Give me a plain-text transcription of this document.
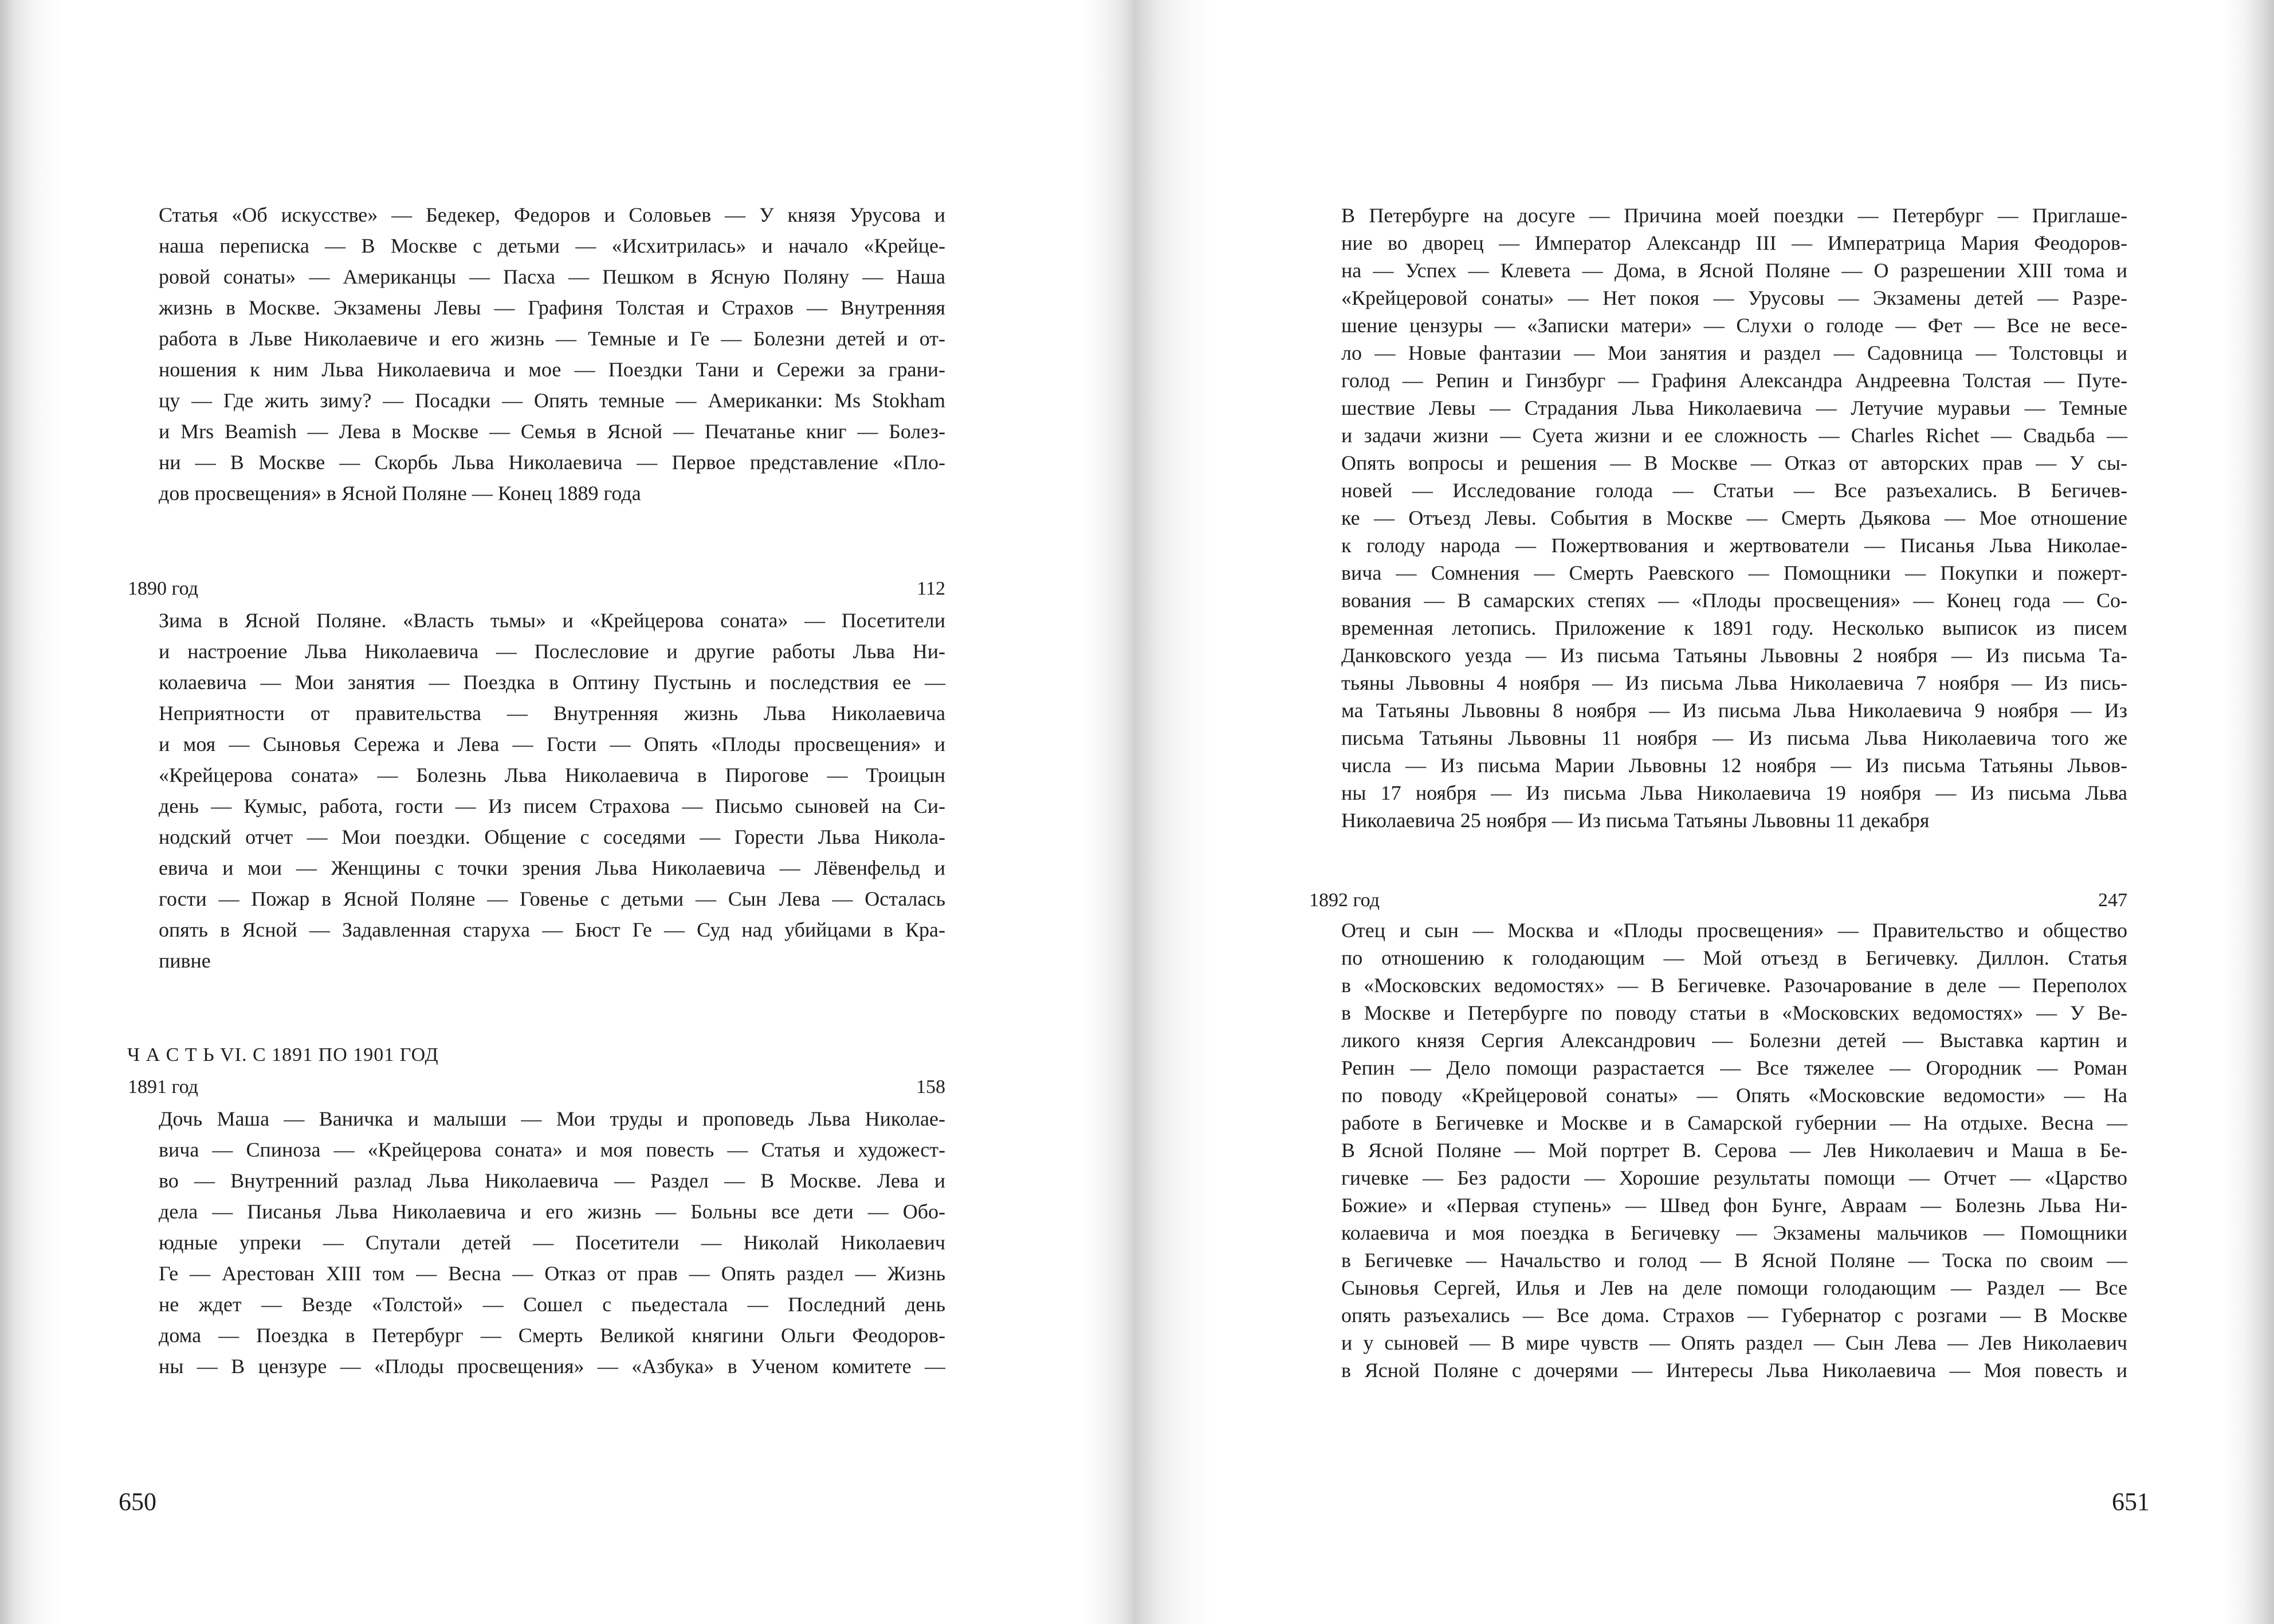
Ч А С Т Ь VI. С 1891 ПО 1901 ГОД
650
Статья «Об искусстве» — Бедекер, Федоров и Соловьев — У князя Урусова и
наша переписка — В Москве с детьми — «Исхитрилась» и начало «Крейце-
ровой сонаты» — Американцы — Пасха — Пешком в Ясную Поляну — Наша
жизнь в Москве. Экзамены Левы — Графиня Толстая и Страхов — Внутренняя
работа в Льве Николаевиче и его жизнь — Темные и Ге — Болезни детей и от-
ношения к ним Льва Николаевича и мое — Поездки Тани и Сережи за грани-
цу — Где жить зиму? — Посадки — Опять темные — Американки: Ms Stokham
и Mrs Beamish — Лева в Москве — Семья в Ясной — Печатанье книг — Болез-
ни — В Москве — Скорбь Льва Николаевича — Первое представление «Пло-
дов просвещения» в Ясной Поляне — Конец 1889 года
1890 год	112
Зима в Ясной Поляне. «Власть тьмы» и «Крейцерова соната» — Посетители
и настроение Льва Николаевича — Послесловие и другие работы Льва Ни-
колаевича — Мои занятия — Поездка в Оптину Пустынь и последствия ее —
Неприятности от правительства — Внутренняя жизнь Льва Николаевича
и моя — Сыновья Сережа и Лева — Гости — Опять «Плоды просвещения» и
«Крейцерова соната» — Болезнь Льва Николаевича в Пирогове — Троицын
день — Кумыс, работа, гости — Из писем Страхова — Письмо сыновей на Си-
нодский отчет — Мои поездки. Общение с соседями — Горести Льва Никола-
евича и мои — Женщины с точки зрения Льва Николаевича — Лёвенфельд и
гости — Пожар в Ясной Поляне — Говенье с детьми — Сын Лева — Осталась
опять в Ясной — Задавленная старуха — Бюст Ге — Суд над убийцами в Кра-
пивне
1891 год	158
Дочь Маша — Ваничка и малыши — Мои труды и проповедь Льва Николае-
вича — Спиноза — «Крейцерова соната» и моя повесть — Статья и художест-
во — Внутренний разлад Льва Николаевича — Раздел — В Москве. Лева и
дела — Писанья Льва Николаевича и его жизнь — Больны все дети — Обо-
юдные упреки — Спутали детей — Посетители — Николай Николаевич
Ге — Арестован XIII том — Весна — Отказ от прав — Опять раздел — Жизнь
не ждет — Везде «Толстой» — Сошел с пьедестала — Последний день
дома — Поездка в Петербург — Смерть Великой княгини Ольги Феодоров-
ны — В цензуре — «Плоды просвещения» — «Азбука» в Ученом комитете —
651
В Петербурге на досуге — Причина моей поездки — Петербург — Приглаше-
ние во дворец — Император Александр III — Императрица Мария Феодоров-
на — Успех — Клевета — Дома, в Ясной Поляне — О разрешении XIII тома и
«Крейцеровой сонаты» — Нет покоя — Урусовы — Экзамены детей — Разре-
шение цензуры — «Записки матери» — Слухи о голоде — Фет — Все не весе-
ло — Новые фантазии — Мои занятия и раздел — Садовница — Толстовцы и
голод — Репин и Гинзбург — Графиня Александра Андреевна Толстая — Путе-
шествие Левы — Страдания Льва Николаевича — Летучие муравьи — Темные
и задачи жизни — Суета жизни и ее сложность — Charles Richet — Свадьба —
Опять вопросы и решения — В Москве — Отказ от авторских прав — У сы-
новей — Исследование голода — Статьи — Все разъехались. В Бегичев-
ке — Отъезд Левы. События в Москве — Смерть Дьякова — Мое отношение
к голоду народа — Пожертвования и жертвователи — Писанья Льва Николае-
вича — Сомнения — Смерть Раевского — Помощники — Покупки и пожерт-
вования — В самарских степях — «Плоды просвещения» — Конец года — Со-
временная летопись. Приложение к 1891 году. Несколько выписок из писем
Данковского уезда — Из письма Татьяны Львовны 2 ноября — Из письма Та-
тьяны Львовны 4 ноября — Из письма Льва Николаевича 7 ноября — Из пись-
ма Татьяны Львовны 8 ноября — Из письма Льва Николаевича 9 ноября — Из
письма Татьяны Львовны 11 ноября — Из письма Льва Николаевича того же
числа — Из письма Марии Львовны 12 ноября — Из письма Татьяны Львов-
ны 17 ноября — Из письма Льва Николаевича 19 ноября — Из письма Льва
Николаевича 25 ноября — Из письма Татьяны Львовны 11 декабря
1892 год	247
Отец и сын — Москва и «Плоды просвещения» — Правительство и общество
по отношению к голодающим — Мой отъезд в Бегичевку. Диллон. Статья
в «Московских ведомостях» — В Бегичевке. Разочарование в деле — Переполох
в Москве и Петербурге по поводу статьи в «Московских ведомостях» — У Ве-
ликого князя Сергия Александрович — Болезни детей — Выставка картин и
Репин — Дело помощи разрастается — Все тяжелее — Огородник — Роман
по поводу «Крейцеровой сонаты» — Опять «Московские ведомости» — На
работе в Бегичевке и Москве и в Самарской губернии — На отдыхе. Весна —
В Ясной Поляне — Мой портрет В. Серова — Лев Николаевич и Маша в Бе-
гичевке — Без радости — Хорошие результаты помощи — Отчет — «Царство
Божие» и «Первая ступень» — Швед фон Бунге, Авраам — Болезнь Льва Ни-
колаевича и моя поездка в Бегичевку — Экзамены мальчиков — Помощники
в Бегичевке — Начальство и голод — В Ясной Поляне — Тоска по своим —
Сыновья Сергей, Илья и Лев на деле помощи голодающим — Раздел — Все
опять разъехались — Все дома. Страхов — Губернатор с розгами — В Москве
и у сыновей — В мире чувств — Опять раздел — Сын Лева — Лев Николаевич
в Ясной Поляне с дочерями — Интересы Льва Николаевича — Моя повесть и
